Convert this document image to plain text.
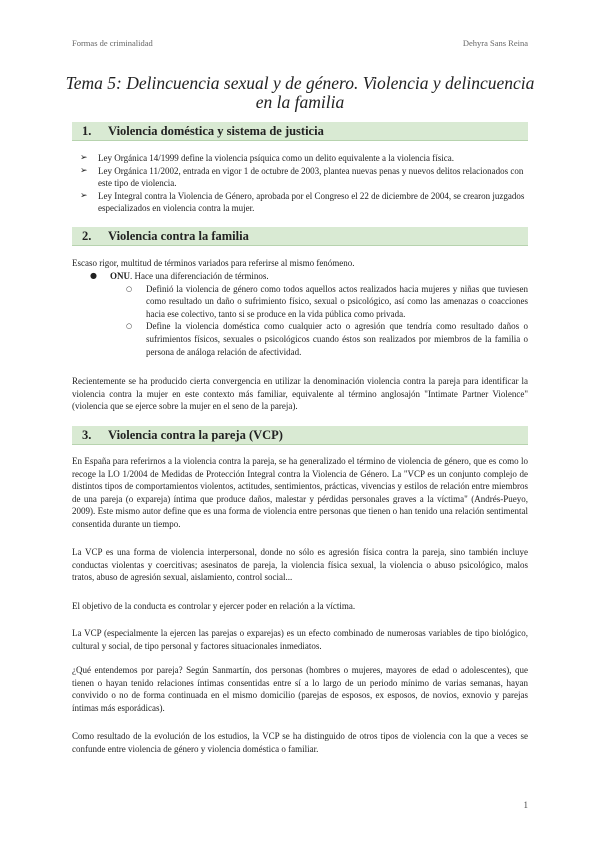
Formas de criminalidad	Dehyra Sans Reina
Tema 5: Delincuencia sexual y de género. Violencia y delincuencia en la familia
1. Violencia doméstica y sistema de justicia
➢ Ley Orgánica 14/1999 define la violencia psíquica como un delito equivalente a la violencia física.
➢ Ley Orgánica 11/2002, entrada en vigor 1 de octubre de 2003, plantea nuevas penas y nuevos delitos relacionados con este tipo de violencia.
➢ Ley Integral contra la Violencia de Género, aprobada por el Congreso el 22 de diciembre de 2004, se crearon juzgados especializados en violencia contra la mujer.
2. Violencia contra la familia
Escaso rigor, multitud de términos variados para referirse al mismo fenómeno.
● ONU. Hace una diferenciación de términos.
○ Definió la violencia de género como todos aquellos actos realizados hacia mujeres y niñas que tuviesen como resultado un daño o sufrimiento físico, sexual o psicológico, así como las amenazas o coacciones hacia ese colectivo, tanto si se produce en la vida pública como privada.
○ Define la violencia doméstica como cualquier acto o agresión que tendría como resultado daños o sufrimientos físicos, sexuales o psicológicos cuando éstos son realizados por miembros de la familia o persona de análoga relación de afectividad.
Recientemente se ha producido cierta convergencia en utilizar la denominación violencia contra la pareja para identificar la violencia contra la mujer en este contexto más familiar, equivalente al término anglosajón "Intimate Partner Violence" (violencia que se ejerce sobre la mujer en el seno de la pareja).
3. Violencia contra la pareja (VCP)
En España para referirnos a la violencia contra la pareja, se ha generalizado el término de violencia de género, que es como lo recoge la LO 1/2004 de Medidas de Protección Integral contra la Violencia de Género. La "VCP es un conjunto complejo de distintos tipos de comportamientos violentos, actitudes, sentimientos, prácticas, vivencias y estilos de relación entre miembros de una pareja (o expareja) íntima que produce daños, malestar y pérdidas personales graves a la víctima" (Andrés-Pueyo, 2009). Este mismo autor define que es una forma de violencia entre personas que tienen o han tenido una relación sentimental consentida durante un tiempo.
La VCP es una forma de violencia interpersonal, donde no sólo es agresión física contra la pareja, sino también incluye conductas violentas y coercitivas; asesinatos de pareja, la violencia física sexual, la violencia o abuso psicológico, malos tratos, abuso de agresión sexual, aislamiento, control social...
El objetivo de la conducta es controlar y ejercer poder en relación a la víctima.
La VCP (especialmente la ejercen las parejas o exparejas) es un efecto combinado de numerosas variables de tipo biológico, cultural y social, de tipo personal y factores situacionales inmediatos.
¿Qué entendemos por pareja? Según Sanmartín, dos personas (hombres o mujeres, mayores de edad o adolescentes), que tienen o hayan tenido relaciones íntimas consentidas entre sí a lo largo de un periodo mínimo de varias semanas, hayan convivido o no de forma continuada en el mismo domicilio (parejas de esposos, ex esposos, de novios, exnovio y parejas íntimas más esporádicas).
Como resultado de la evolución de los estudios, la VCP se ha distinguido de otros tipos de violencia con la que a veces se confunde entre violencia de género y violencia doméstica o familiar.
1
